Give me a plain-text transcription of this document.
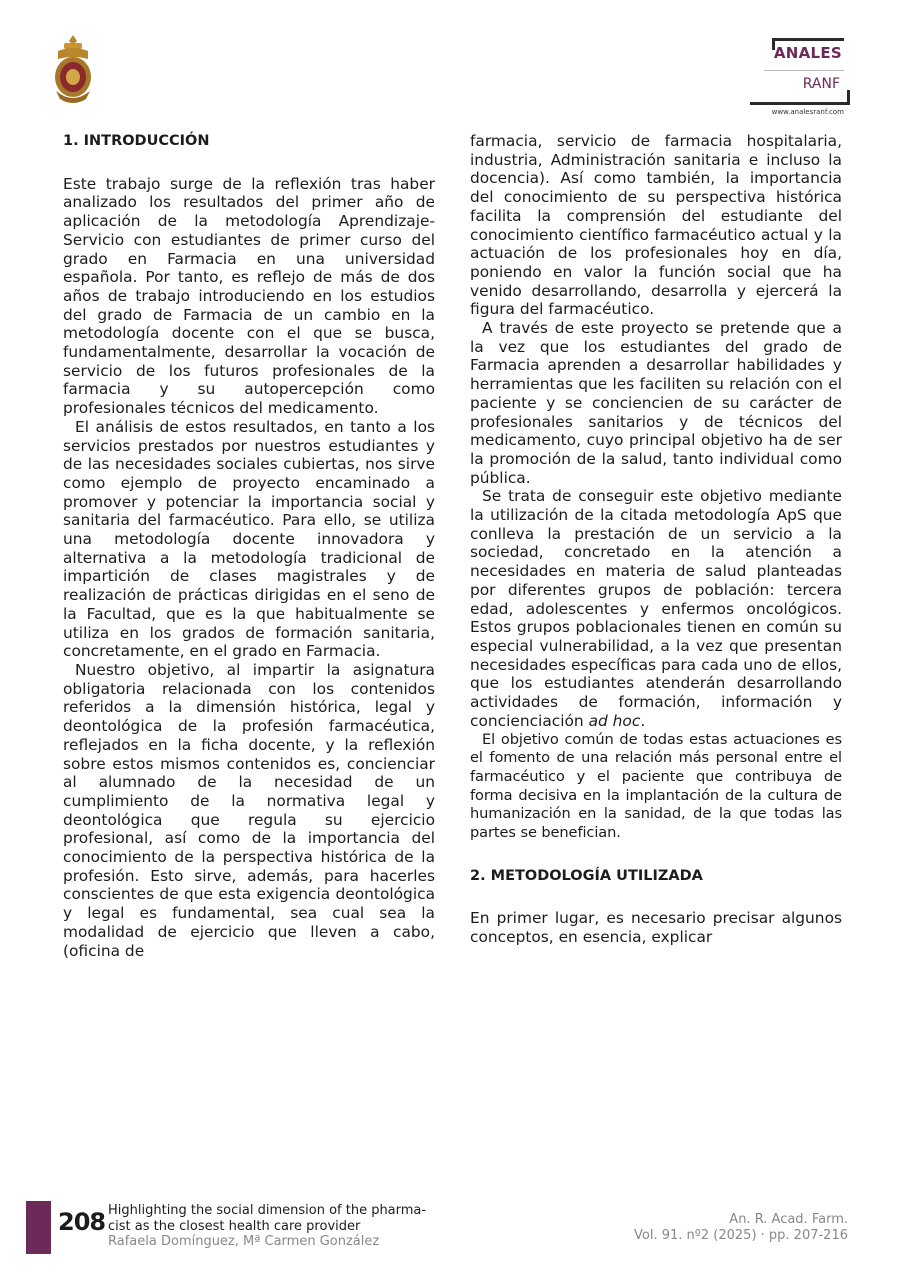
ANALES
RANF
www.analesranf.com
1. INTRODUCCIÓN

Este trabajo surge de la reflexión tras haber analizado los resultados del primer año de aplicación de la metodología Aprendizaje-Servicio con estudiantes de primer curso del grado en Farmacia en una universidad española. Por tanto, es reflejo de más de dos años de trabajo introduciendo en los estudios del grado de Farmacia de un cambio en la metodología docente con el que se busca, fundamentalmente, desarrollar la vocación de servicio de los futuros profesionales de la farmacia y su autopercepción como profesionales técnicos del medicamento.

El análisis de estos resultados, en tanto a los servicios prestados por nuestros estudiantes y de las necesidades sociales cubiertas, nos sirve como ejemplo de proyecto encaminado a promover y potenciar la importancia social y sanitaria del farmacéutico. Para ello, se utiliza una metodología docente innovadora y alternativa a la metodología tradicional de impartición de clases magistrales y de realización de prácticas dirigidas en el seno de la Facultad, que es la que habitualmente se utiliza en los grados de formación sanitaria, concretamente, en el grado en Farmacia.

Nuestro objetivo, al impartir la asignatura obligatoria relacionada con los contenidos referidos a la dimensión histórica, legal y deontológica de la profesión farmacéutica, reflejados en la ficha docente, y la reflexión sobre estos mismos contenidos es, concienciar al alumnado de la necesidad de un cumplimiento de la normativa legal y deontológica que regula su ejercicio profesional, así como de la importancia del conocimiento de la perspectiva histórica de la profesión. Esto sirve, además, para hacerles conscientes de que esta exigencia deontológica y legal es fundamental, sea cual sea la modalidad de ejercicio que lleven a cabo, (oficina de

farmacia, servicio de farmacia hospitalaria, industria, Administración sanitaria e incluso la docencia). Así como también, la importancia del conocimiento de su perspectiva histórica facilita la comprensión del estudiante del conocimiento científico farmacéutico actual y la actuación de los profesionales hoy en día, poniendo en valor la función social que ha venido desarrollando, desarrolla y ejercerá la figura del farmacéutico.

A través de este proyecto se pretende que a la vez que los estudiantes del grado de Farmacia aprenden a desarrollar habilidades y herramientas que les faciliten su relación con el paciente y se conciencien de su carácter de profesionales sanitarios y de técnicos del medicamento, cuyo principal objetivo ha de ser la promoción de la salud, tanto individual como pública.

Se trata de conseguir este objetivo mediante la utilización de la citada metodología ApS que conlleva la prestación de un servicio a la sociedad, concretado en la atención a necesidades en materia de salud planteadas por diferentes grupos de población: tercera edad, adolescentes y enfermos oncológicos. Estos grupos poblacionales tienen en común su especial vulnerabilidad, a la vez que presentan necesidades específicas para cada uno de ellos, que los estudiantes atenderán desarrollando actividades de formación, información y concienciación ad hoc.

El objetivo común de todas estas actuaciones es el fomento de una relación más personal entre el farmacéutico y el paciente que contribuya de forma decisiva en la implantación de la cultura de humanización en la sanidad, de la que todas las partes se benefician.

2. METODOLOGÍA UTILIZADA

En primer lugar, es necesario precisar algunos conceptos, en esencia, explicar

208 Highlighting the social dimension of the pharma-
cist as the closest health care provider
Rafaela Domínguez, Mª Carmen González
An. R. Acad. Farm.
Vol. 91. nº2 (2025) · pp. 207-216
